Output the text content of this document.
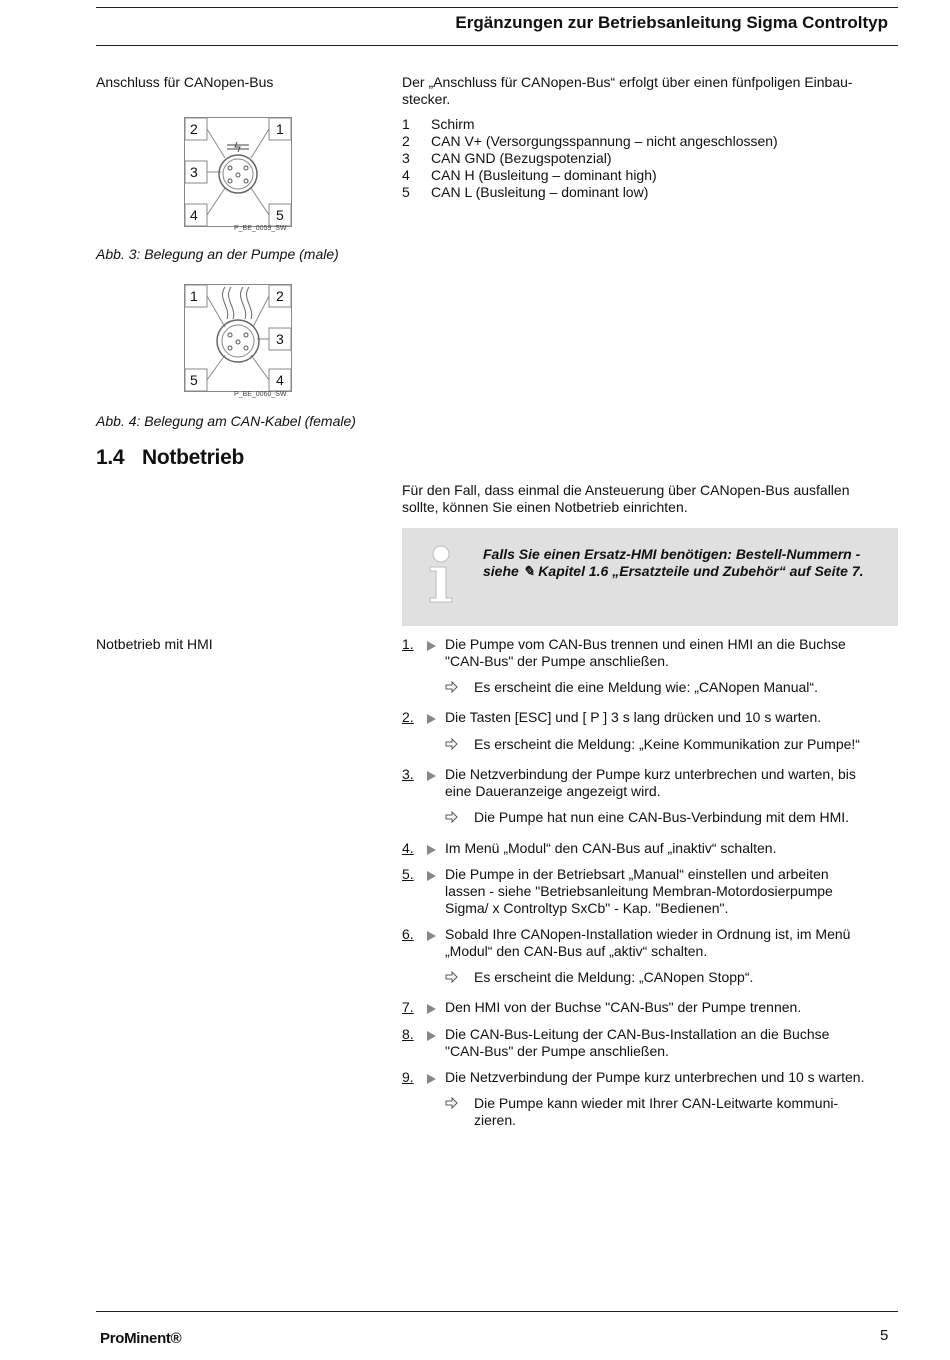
Ergänzungen zur Betriebsanleitung Sigma Controltyp
Anschluss für CANopen-Bus	Der „Anschluss für CANopen-Bus“ erfolgt über einen fünfpoligen Einbau-
stecker.
1	Schirm
2	CAN V+ (Versorgungsspannung – nicht angeschlossen)
3	CAN GND (Bezugspotenzial)
4	CAN H (Busleitung – dominant high)
5	CAN L (Busleitung – dominant low)
2	1
3
4	5
P_BE_0059_SW
Abb. 3: Belegung an der Pumpe (male)
1	2
3
5	4
P_BE_0060_SW
Abb. 4: Belegung am CAN-Kabel (female)
1.4 Notbetrieb
Für den Fall, dass einmal die Ansteuerung über CANopen-Bus ausfallen
sollte, können Sie einen Notbetrieb einrichten.
Falls Sie einen Ersatz-HMI benötigen: Bestell-Nummern -
siehe ✎ Kapitel 1.6 „Ersatzteile und Zubehör“ auf Seite 7.
Notbetrieb mit HMI	1. Die Pumpe vom CAN-Bus trennen und einen HMI an die Buchse
"CAN-Bus" der Pumpe anschließen.
Es erscheint die eine Meldung wie: „CANopen Manual“.
2. Die Tasten [ESC] und [ P ] 3 s lang drücken und 10 s warten.
Es erscheint die Meldung: „Keine Kommunikation zur Pumpe!“
3. Die Netzverbindung der Pumpe kurz unterbrechen und warten, bis
eine Daueranzeige angezeigt wird.
Die Pumpe hat nun eine CAN-Bus-Verbindung mit dem HMI.
4. Im Menü „Modul“ den CAN-Bus auf „inaktiv“ schalten.
5. Die Pumpe in der Betriebsart „Manual“ einstellen und arbeiten
lassen - siehe "Betriebsanleitung Membran-Motordosierpumpe
Sigma/ x Controltyp SxCb" - Kap. "Bedienen".
6. Sobald Ihre CANopen-Installation wieder in Ordnung ist, im Menü
„Modul“ den CAN-Bus auf „aktiv“ schalten.
Es erscheint die Meldung: „CANopen Stopp“.
7. Den HMI von der Buchse "CAN-Bus" der Pumpe trennen.
8. Die CAN-Bus-Leitung der CAN-Bus-Installation an die Buchse
"CAN-Bus" der Pumpe anschließen.
9. Die Netzverbindung der Pumpe kurz unterbrechen und 10 s warten.
Die Pumpe kann wieder mit Ihrer CAN-Leitwarte kommuni-
zieren.
ProMinent®	5
